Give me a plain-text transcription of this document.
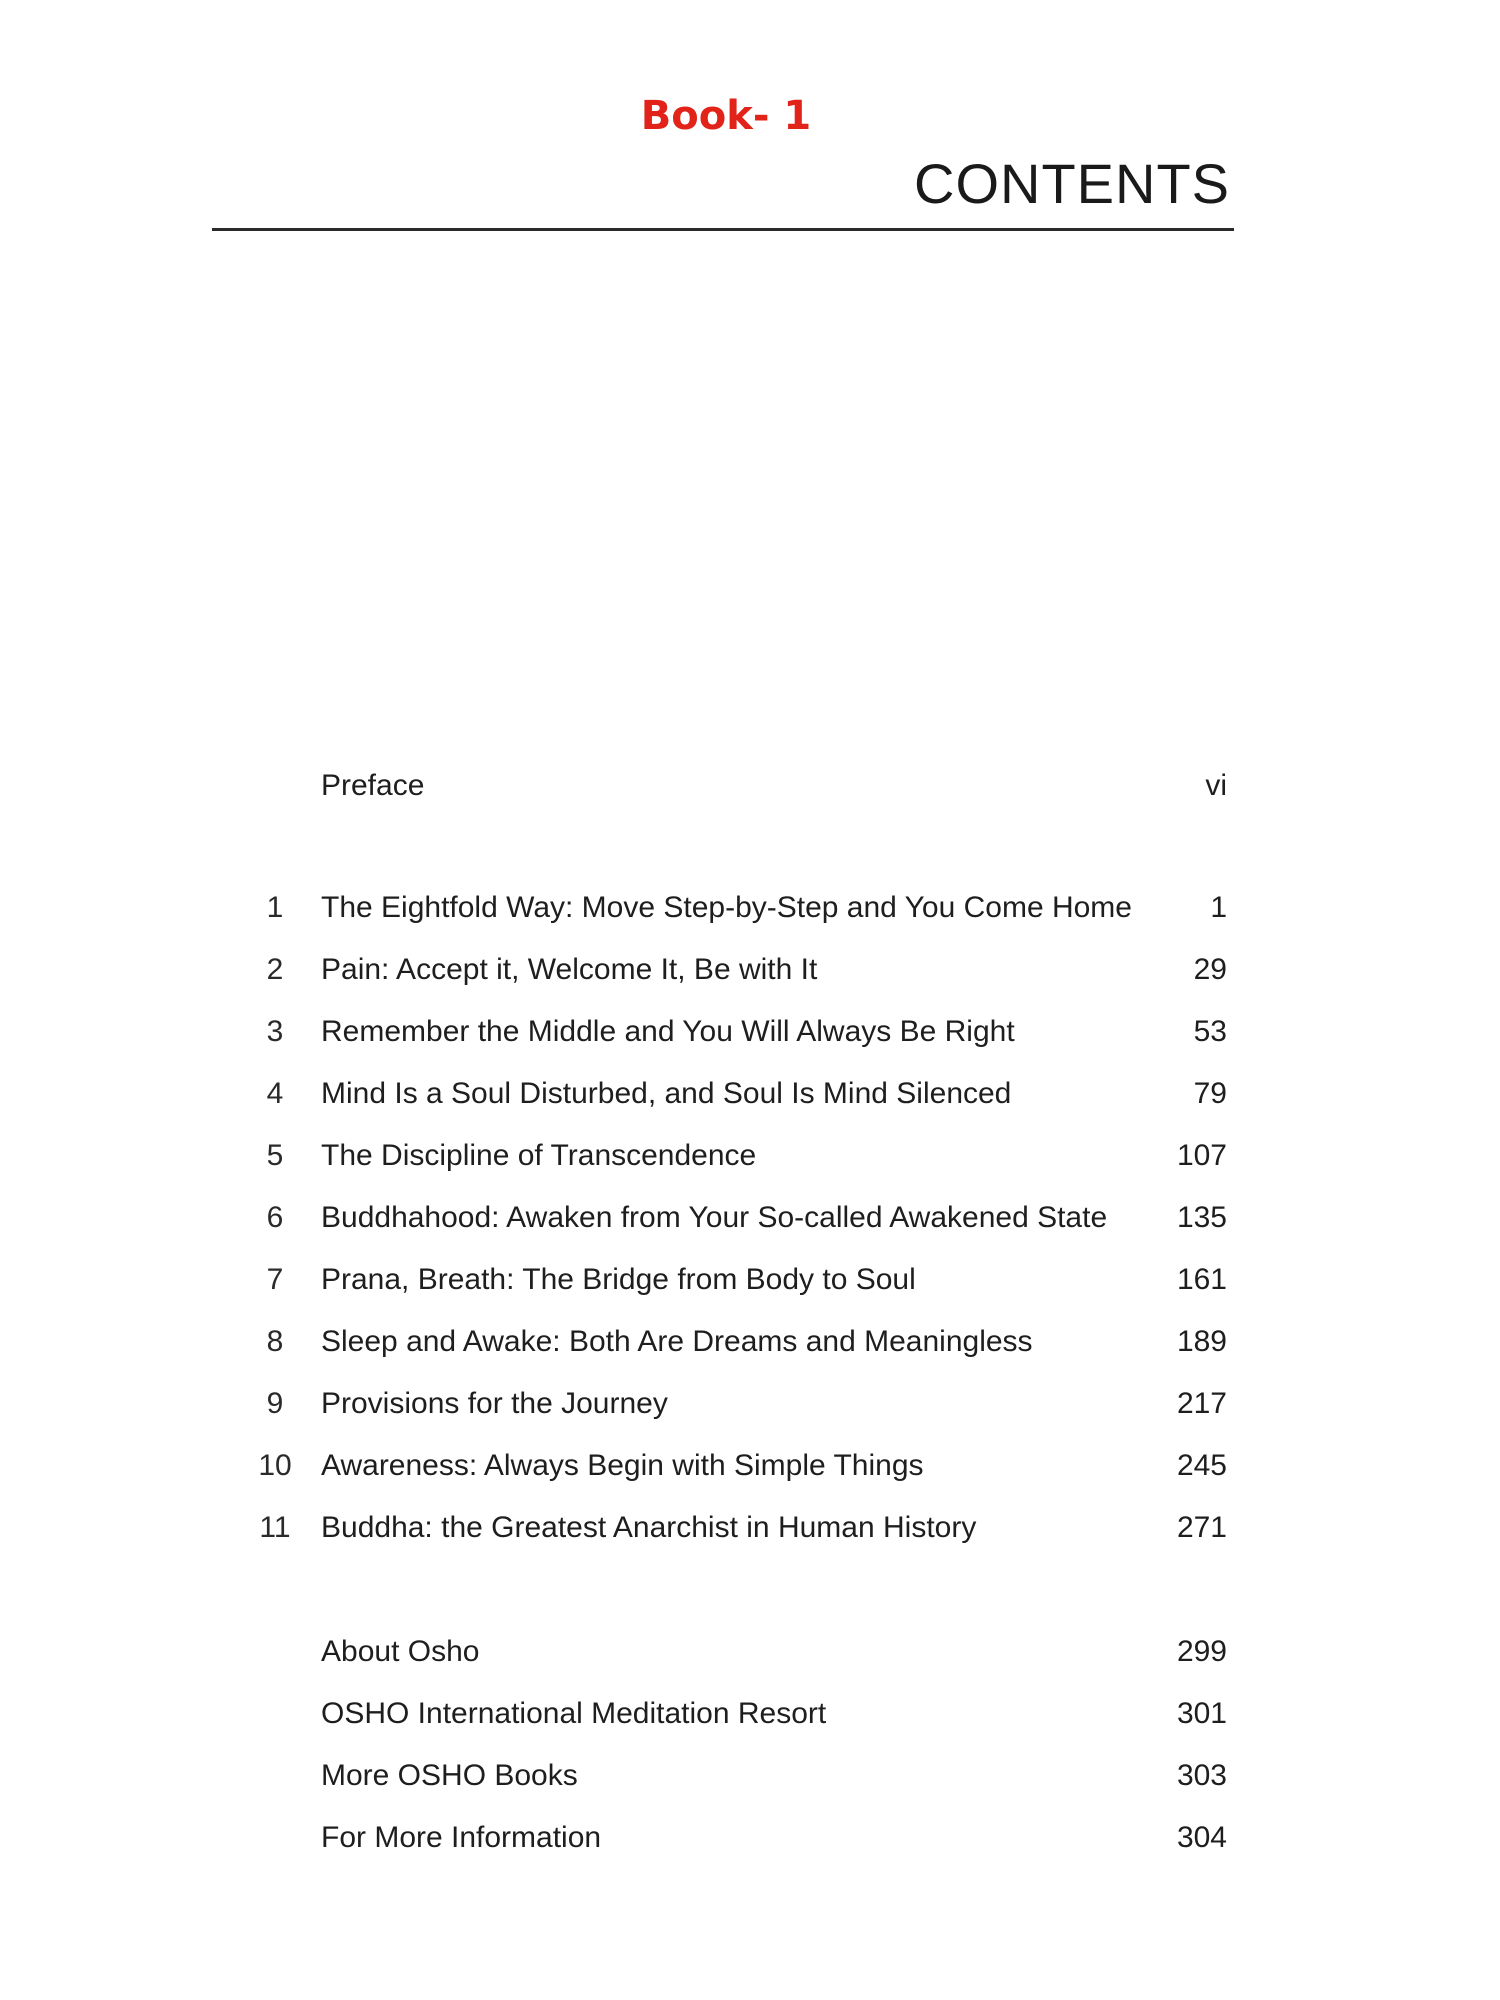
Book- 1
CONTENTS
Preface	vi
1	The Eightfold Way: Move Step-by-Step and You Come Home	1
2	Pain: Accept it, Welcome It, Be with It	29
3	Remember the Middle and You Will Always Be Right	53
4	Mind Is a Soul Disturbed, and Soul Is Mind Silenced	79
5	The Discipline of Transcendence	107
6	Buddhahood: Awaken from Your So-called Awakened State 135
7	Prana, Breath: The Bridge from Body to Soul	161
8	Sleep and Awake: Both Are Dreams and Meaningless	189
9	Provisions for the Journey	217
10 Awareness: Always Begin with Simple Things	245
11 Buddha: the Greatest Anarchist in Human History	271
About Osho	299
OSHO International Meditation Resort	301
More OSHO Books	303
For More Information	304
